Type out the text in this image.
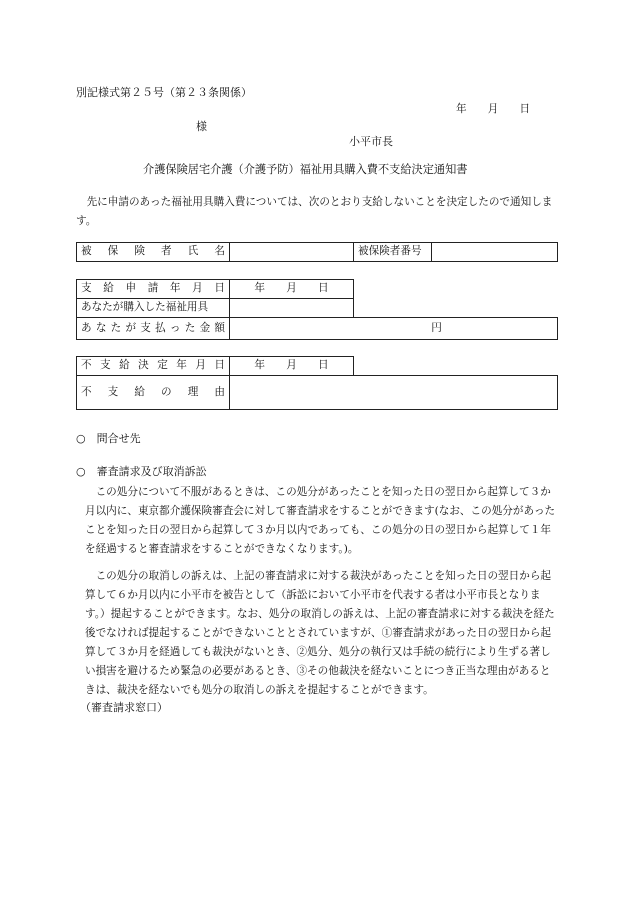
別記様式第２５号（第２３条関係）
年　　月　　日
様
小平市長
介護保険居宅介護（介護予防）福祉用具購入費不支給決定通知書
　先に申請のあった福祉用具購入費については、次のとおり支給しないことを決定したので通知します。
被保険者氏名		被保険者番号	
支給申請年月日	年　　月　　日	
あなたが購入した福祉用具		
あなたが支払った金額	円	
不支給決定年月日	年　　月　　日	
不支給の理由		
○　問合せ先
○　審査請求及び取消訴訟
　この処分について不服があるときは、この処分があったことを知った日の翌日から起算して３か月以内に、東京都介護保険審査会に対して審査請求をすることができます(なお、この処分があったことを知った日の翌日から起算して３か月以内であっても、この処分の日の翌日から起算して１年を経過すると審査請求をすることができなくなります。)。
　この処分の取消しの訴えは、上記の審査請求に対する裁決があったことを知った日の翌日から起算して６か月以内に小平市を被告として（訴訟において小平市を代表する者は小平市長となります。）提起することができます。なお、処分の取消しの訴えは、上記の審査請求に対する裁決を経た後でなければ提起することができないこととされていますが、①審査請求があった日の翌日から起算して３か月を経過しても裁決がないとき、②処分、処分の執行又は手続の続行により生ずる著しい損害を避けるため緊急の必要があるとき、③その他裁決を経ないことにつき正当な理由があるときは、裁決を経ないでも処分の取消しの訴えを提起することができます。
（審査請求窓口）
